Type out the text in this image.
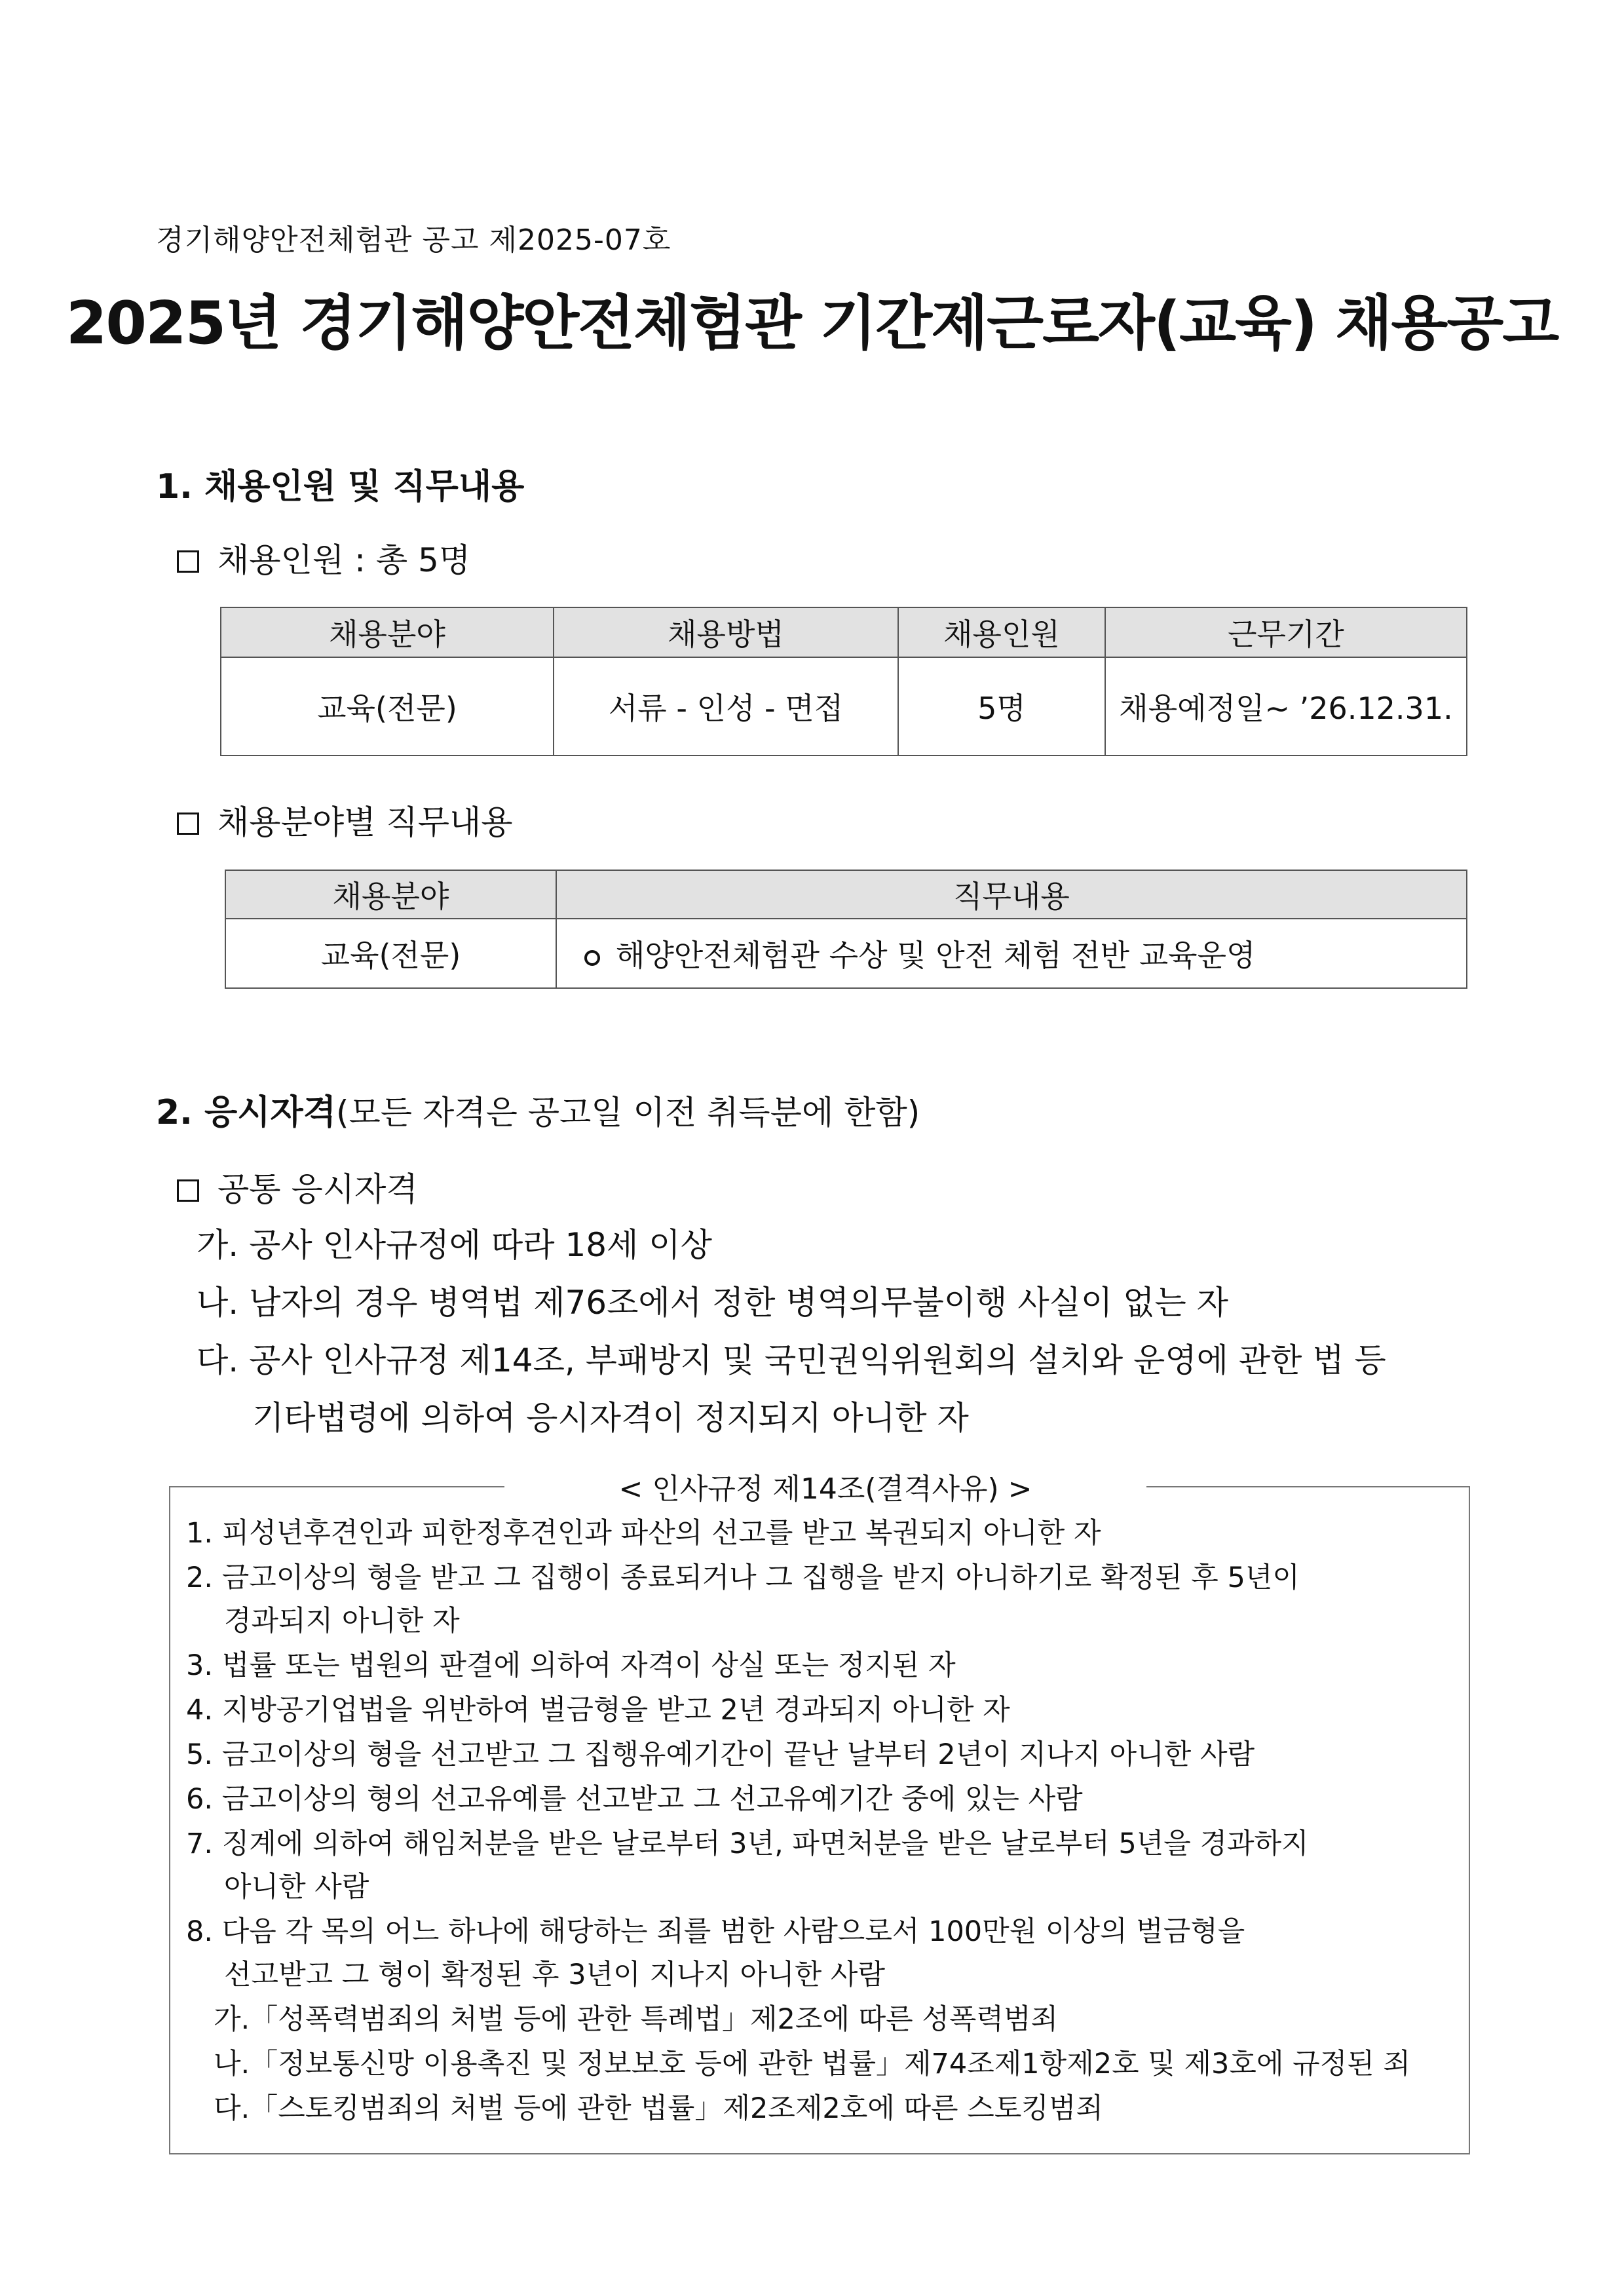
경기해양안전체험관 공고 제2025-07호
2025년 경기해양안전체험관 기간제근로자(교육) 채용공고
1. 채용인원 및 직무내용
채용인원 : 총 5명
채용분야	채용방법	채용인원	근무기간
교육(전문)	서류 - 인성 - 면접	5명	채용예정일~ ’26.12.31.
채용분야별 직무내용
채용분야	직무내용
교육(전문)	해양안전체험관 수상 및 안전 체험 전반 교육운영
2. 응시자격(모든 자격은 공고일 이전 취득분에 한함)
공통 응시자격
가. 공사 인사규정에 따라 18세 이상
나. 남자의 경우 병역법 제76조에서 정한 병역의무불이행 사실이 없는 자
다. 공사 인사규정 제14조, 부패방지 및 국민권익위원회의 설치와 운영에 관한 법 등
기타법령에 의하여 응시자격이 정지되지 아니한 자
< 인사규정 제14조(결격사유) >
1. 피성년후견인과 피한정후견인과 파산의 선고를 받고 복권되지 아니한 자
2. 금고이상의 형을 받고 그 집행이 종료되거나 그 집행을 받지 아니하기로 확정된 후 5년이
경과되지 아니한 자
3. 법률 또는 법원의 판결에 의하여 자격이 상실 또는 정지된 자
4. 지방공기업법을 위반하여 벌금형을 받고 2년 경과되지 아니한 자
5. 금고이상의 형을 선고받고 그 집행유예기간이 끝난 날부터 2년이 지나지 아니한 사람
6. 금고이상의 형의 선고유예를 선고받고 그 선고유예기간 중에 있는 사람
7. 징계에 의하여 해임처분을 받은 날로부터 3년, 파면처분을 받은 날로부터 5년을 경과하지
아니한 사람
8. 다음 각 목의 어느 하나에 해당하는 죄를 범한 사람으로서 100만원 이상의 벌금형을
선고받고 그 형이 확정된 후 3년이 지나지 아니한 사람
가.「성폭력범죄의 처벌 등에 관한 특례법」제2조에 따른 성폭력범죄
나.「정보통신망 이용촉진 및 정보보호 등에 관한 법률」제74조제1항제2호 및 제3호에 규정된 죄
다.「스토킹범죄의 처벌 등에 관한 법률」제2조제2호에 따른 스토킹범죄
